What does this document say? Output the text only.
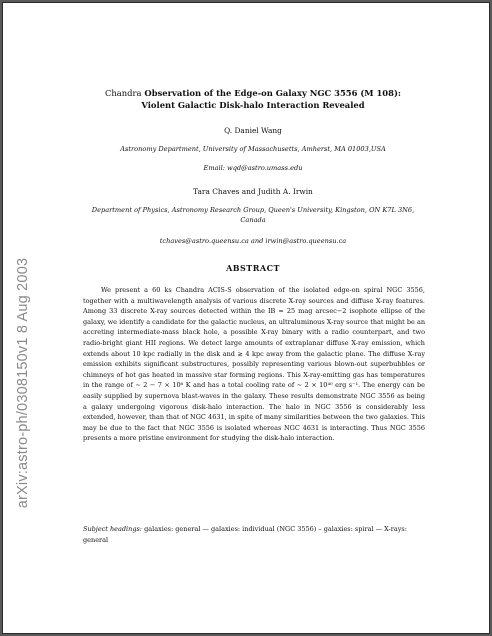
arXiv:astro-ph/0308150v1 8 Aug 2003
Chandra Observation of the Edge-on Galaxy NGC 3556 (M 108):
Violent Galactic Disk-halo Interaction Revealed
Q. Daniel Wang
Astronomy Department, University of Massachusetts, Amherst, MA 01003,USA
Email: wqd@astro.umass.edu
Tara Chaves and Judith A. Irwin
Department of Physics, Astronomy Research Group, Queen's University, Kingston, ON K7L 3N6,
Canada
tchaves@astro.queensu.ca and irwin@astro.queensu.ca
ABSTRACT

We present a 60 ks Chandra ACIS-S observation of the isolated edge-on spiral NGC 3556, together with a multiwavelength analysis of various discrete X-ray sources and diffuse X-ray features. Among 33 discrete X-ray sources detected within the IB = 25 mag arcsec−2 isophote ellipse of the galaxy, we identify a candidate for the galactic nucleus, an ultraluminous X-ray source that might be an accreting intermediate-mass black hole, a possible X-ray binary with a radio counterpart, and two radio-bright giant HII regions. We detect large amounts of extraplanar diffuse X-ray emission, which extends about 10 kpc radially in the disk and ≳ 4 kpc away from the galactic plane. The diffuse X-ray emission exhibits significant substructures, possibly representing various blown-out superbubbles or chimneys of hot gas heated in massive star forming regions. This X-ray-emitting gas has temperatures in the range of ∼ 2 − 7 × 10⁶ K and has a total cooling rate of ∼ 2 × 10⁴⁰ erg s⁻¹. The energy can be easily supplied by supernova blast-waves in the galaxy. These results demonstrate NGC 3556 as being a galaxy undergoing vigorous disk-halo interaction. The halo in NGC 3556 is considerably less extended, however, than that of NGC 4631, in spite of many similarities between the two galaxies. This may be due to the fact that NGC 3556 is isolated whereas NGC 4631 is interacting. Thus NGC 3556 presents a more pristine environment for studying the disk-halo interaction.

Subject headings: galaxies: general — galaxies: individual (NGC 3556) – galaxies: spiral — X-rays: general
